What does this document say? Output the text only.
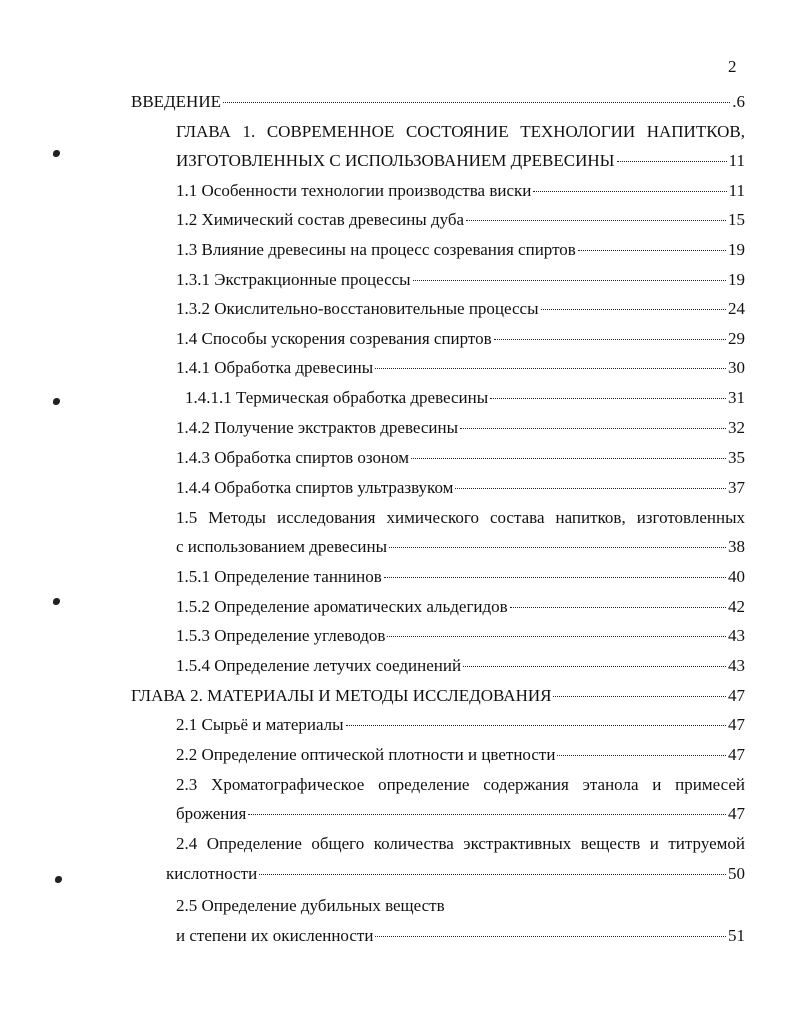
2
ВВЕДЕНИЕ	.6
ГЛАВА 1. СОВРЕМЕННОЕ СОСТОЯНИЕ ТЕХНОЛОГИИ НАПИТКОВ,
ИЗГОТОВЛЕННЫХ С ИСПОЛЬЗОВАНИЕМ ДРЕВЕСИНЫ	11
1.1 Особенности технологии производства виски	11
1.2 Химический состав древесины дуба	15
1.3 Влияние древесины на процесс созревания спиртов	19
1.3.1 Экстракционные процессы	19
1.3.2 Окислительно-восстановительные процессы	24
1.4 Способы ускорения созревания спиртов	29
1.4.1 Обработка древесины	30
1.4.1.1 Термическая обработка древесины	31
1.4.2 Получение экстрактов древесины	32
1.4.3 Обработка спиртов озоном	35
1.4.4 Обработка спиртов ультразвуком	37
1.5 Методы исследования химического состава напитков, изготовленных
с использованием древесины	38
1.5.1 Определение таннинов	40
1.5.2 Определение ароматических альдегидов	42
1.5.3 Определение углеводов	43
1.5.4 Определение летучих соединений	43
ГЛАВА 2. МАТЕРИАЛЫ И МЕТОДЫ ИССЛЕДОВАНИЯ	47
2.1 Сырьё и материалы	47
2.2 Определение оптической плотности и цветности	47
2.3 Хроматографическое определение содержания этанола и примесей
брожения	47
2.4 Определение общего количества экстрактивных веществ и титруемой
кислотности	50
2.5 Определение дубильных веществ
и степени их окисленности	51
